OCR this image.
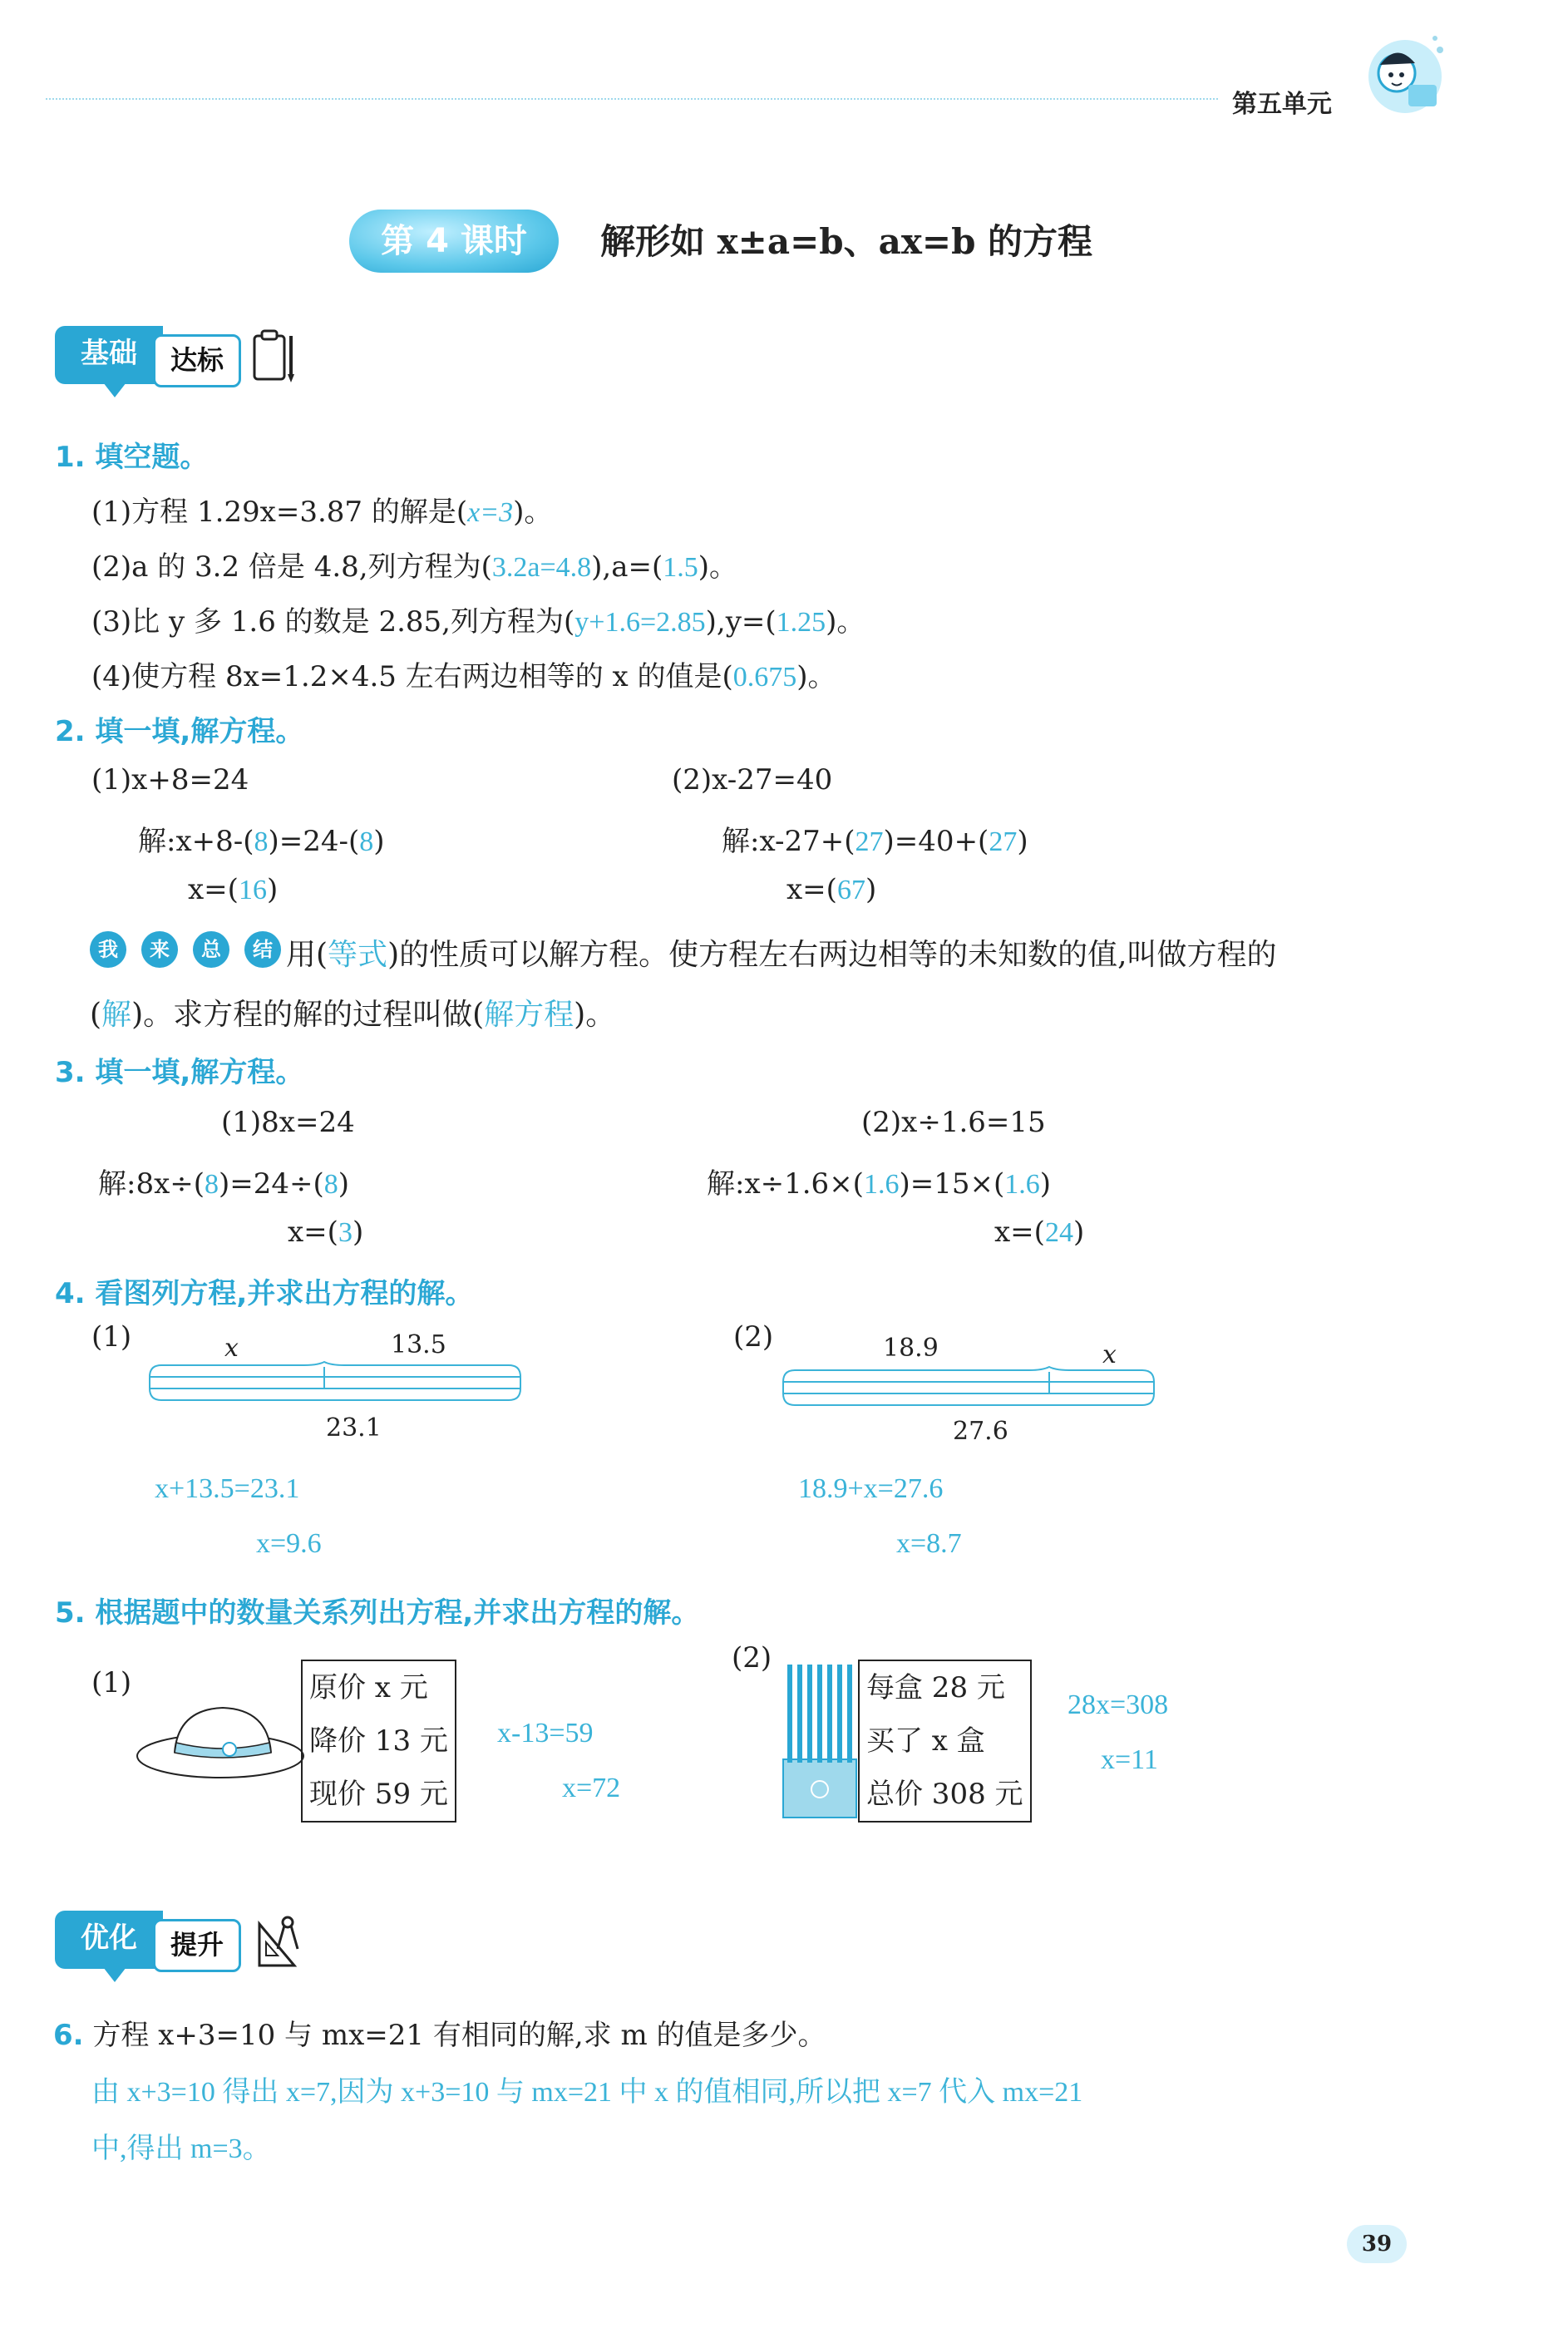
第五单元
第 4 课时	解形如 x±a=b、ax=b 的方程
基础	达标
1. 填空题。
(1)方程 1.29x=3.87 的解是(x=3)。
(2)a 的 3.2 倍是 4.8,列方程为(3.2a=4.8),a=(1.5)。
(3)比 y 多 1.6 的数是 2.85,列方程为(y+1.6=2.85),y=(1.25)。
(4)使方程 8x=1.2×4.5 左右两边相等的 x 的值是(0.675)。
2. 填一填,解方程。
(1)x+8=24
解:x+8-(8)=24-(8)
x=(16)
(2)x-27=40
解:x-27+(27)=40+(27)
x=(67)
我	来	总	结 用(等式)的性质可以解方程。使方程左右两边相等的未知数的值,叫做方程的
(解)。求方程的解的过程叫做(解方程)。
3. 填一填,解方程。
(1)8x=24
解:8x÷(8)=24÷(8)
x=(3)
(2)x÷1.6=15
解:x÷1.6×(1.6)=15×(1.6)
x=(24)
4. 看图列方程,并求出方程的解。
(1)	x	13.5
23.1
x+13.5=23.1
x=9.6
(2)	18.9	x
27.6
18.9+x=27.6
x=8.7
5. 根据题中的数量关系列出方程,并求出方程的解。
(1)	原价 x 元
降价 13 元
现价 59 元
x-13=59
x=72
(2)
每盒 28 元
买了 x 盒
总价 308 元
28x=308
x=11
优化	提升
6. 方程 x+3=10 与 mx=21 有相同的解,求 m 的值是多少。
由 x+3=10 得出 x=7,因为 x+3=10 与 mx=21 中 x 的值相同,所以把 x=7 代入 mx=21
中,得出 m=3。
39
